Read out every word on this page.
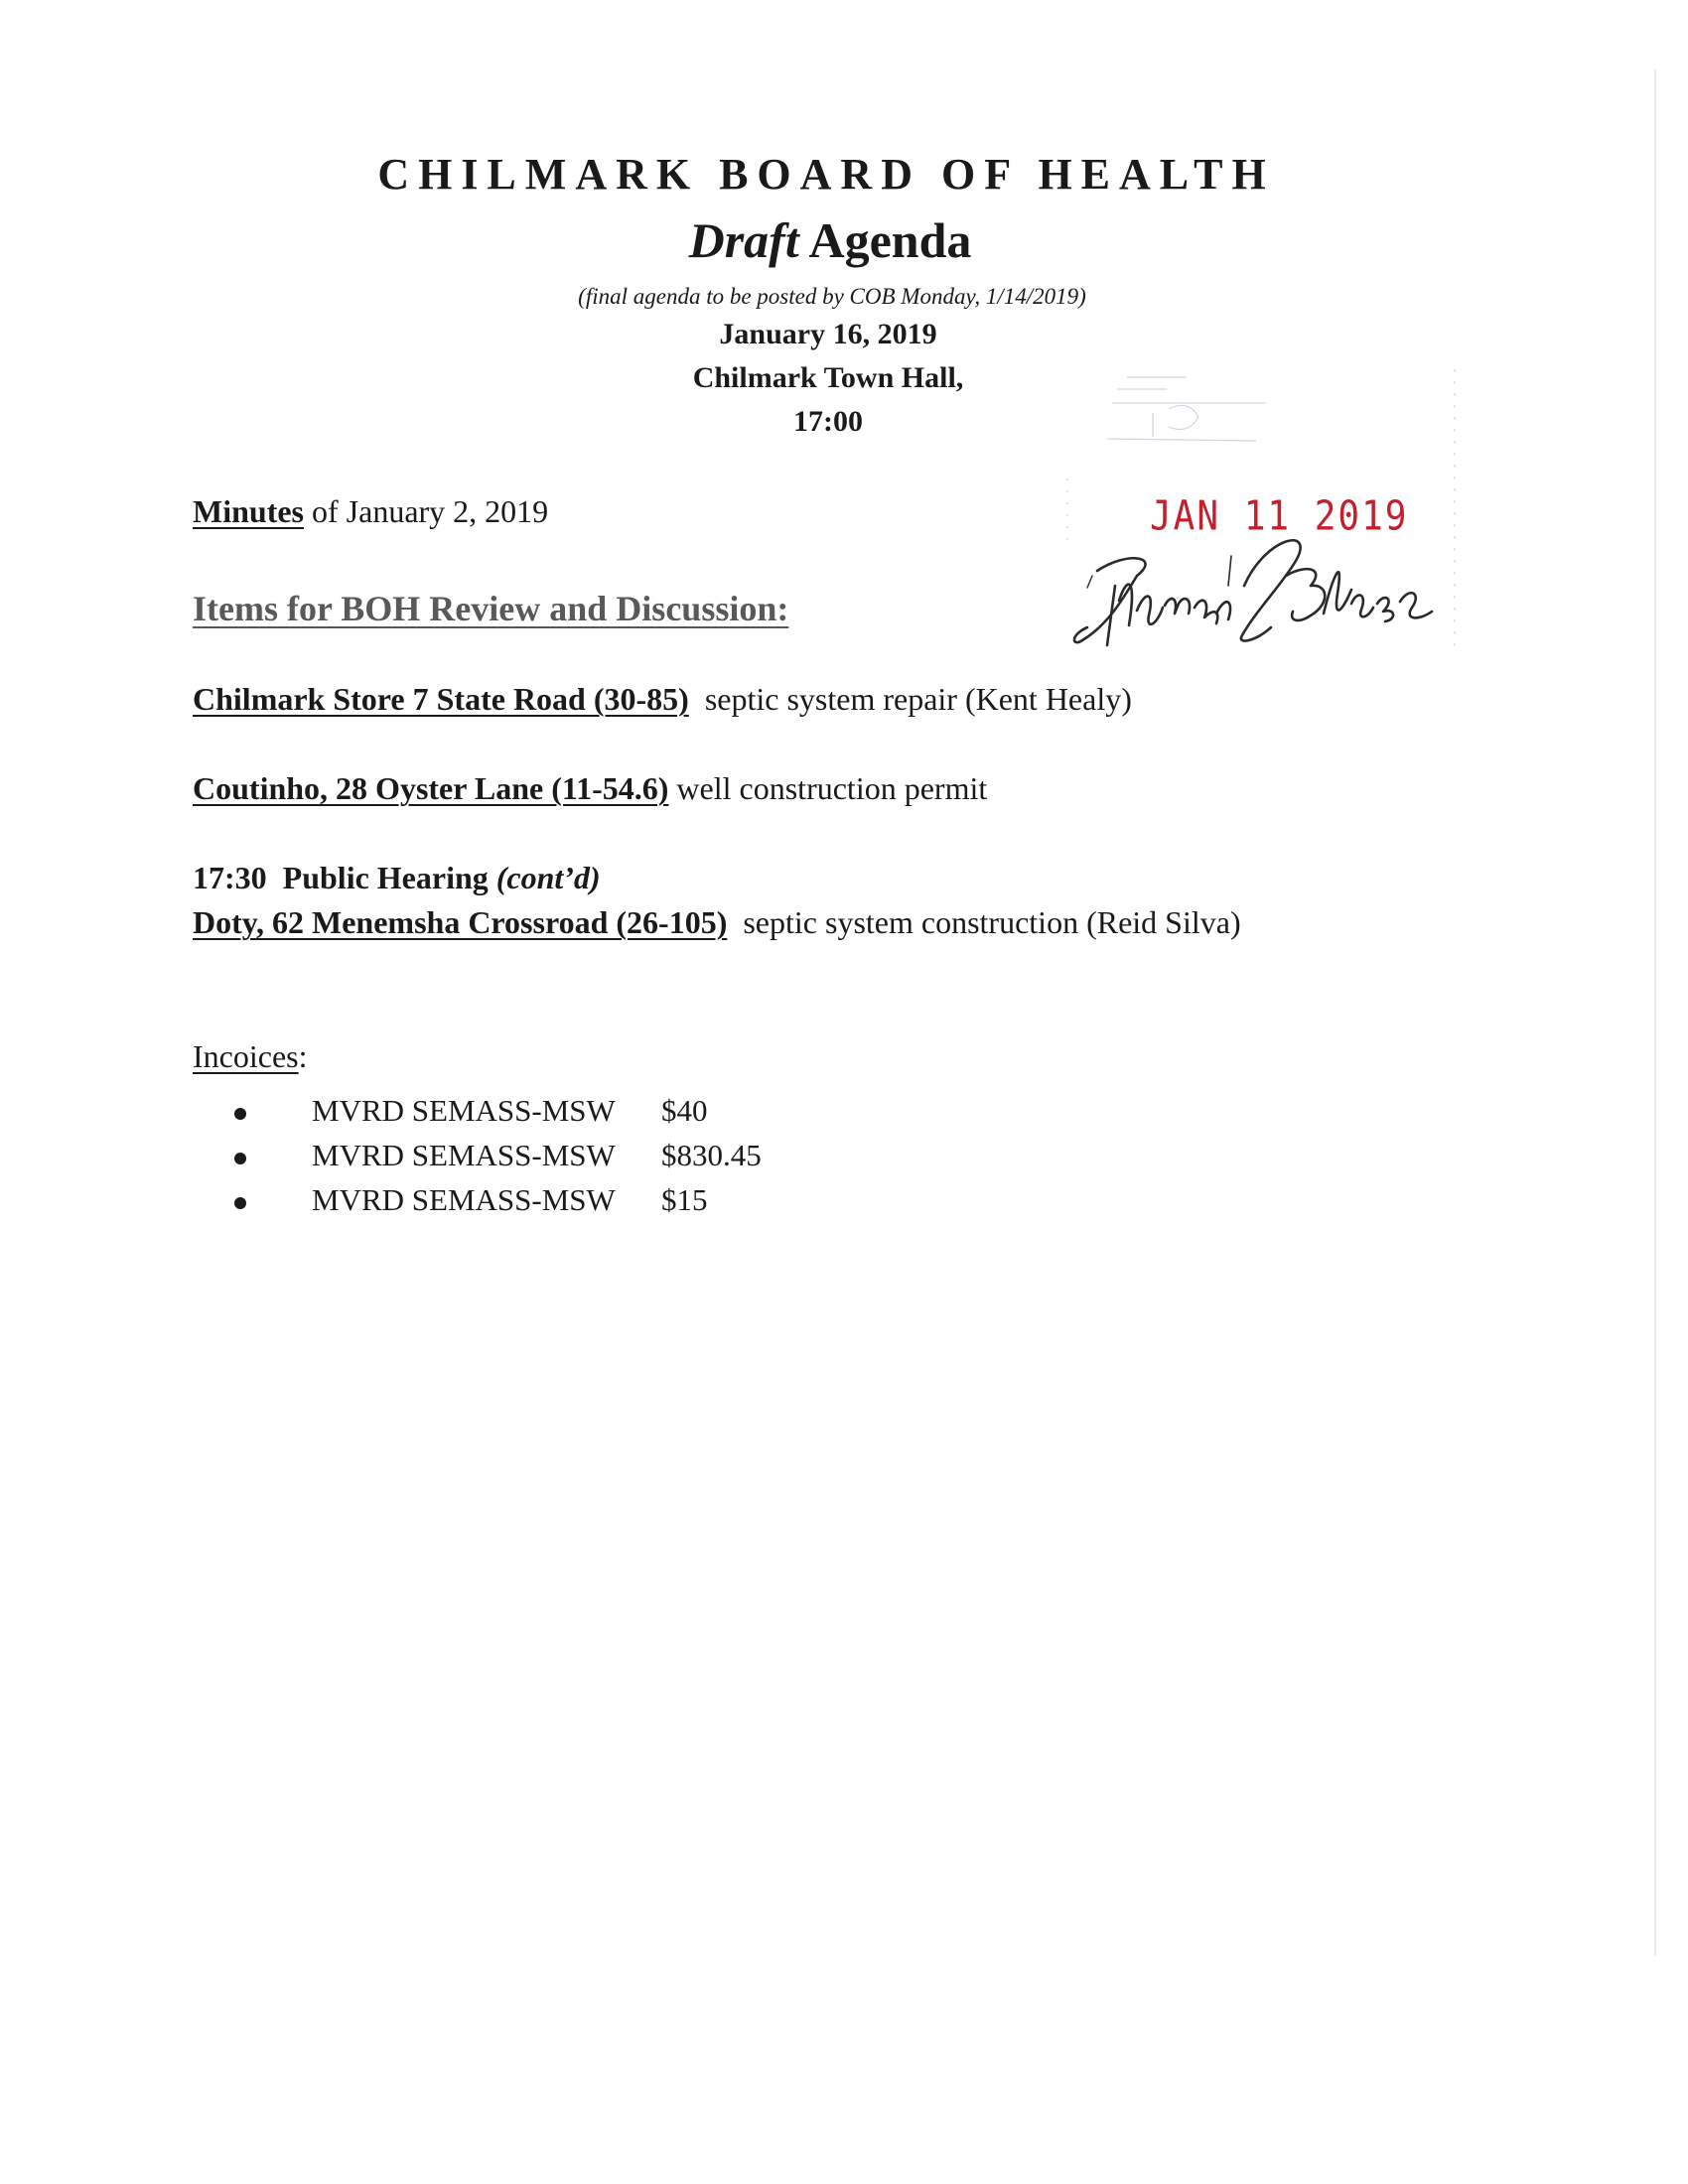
CHILMARK BOARD OF HEALTH
Draft Agenda
(final agenda to be posted by COB Monday, 1/14/2019)
January 16, 2019
Chilmark Town Hall,
17:00
JAN 11 2019
Minutes of January 2, 2019
Items for BOH Review and Discussion:
Chilmark Store 7 State Road (30-85)  septic system repair (Kent Healy)
Coutinho, 28 Oyster Lane (11-54.6) well construction permit
17:30  Public Hearing (cont’d)
Doty, 62 Menemsha Crossroad (26-105)  septic system construction (Reid Silva)
Incoices:
MVRD SEMASS-MSW $40
MVRD SEMASS-MSW $830.45
MVRD SEMASS-MSW $15
